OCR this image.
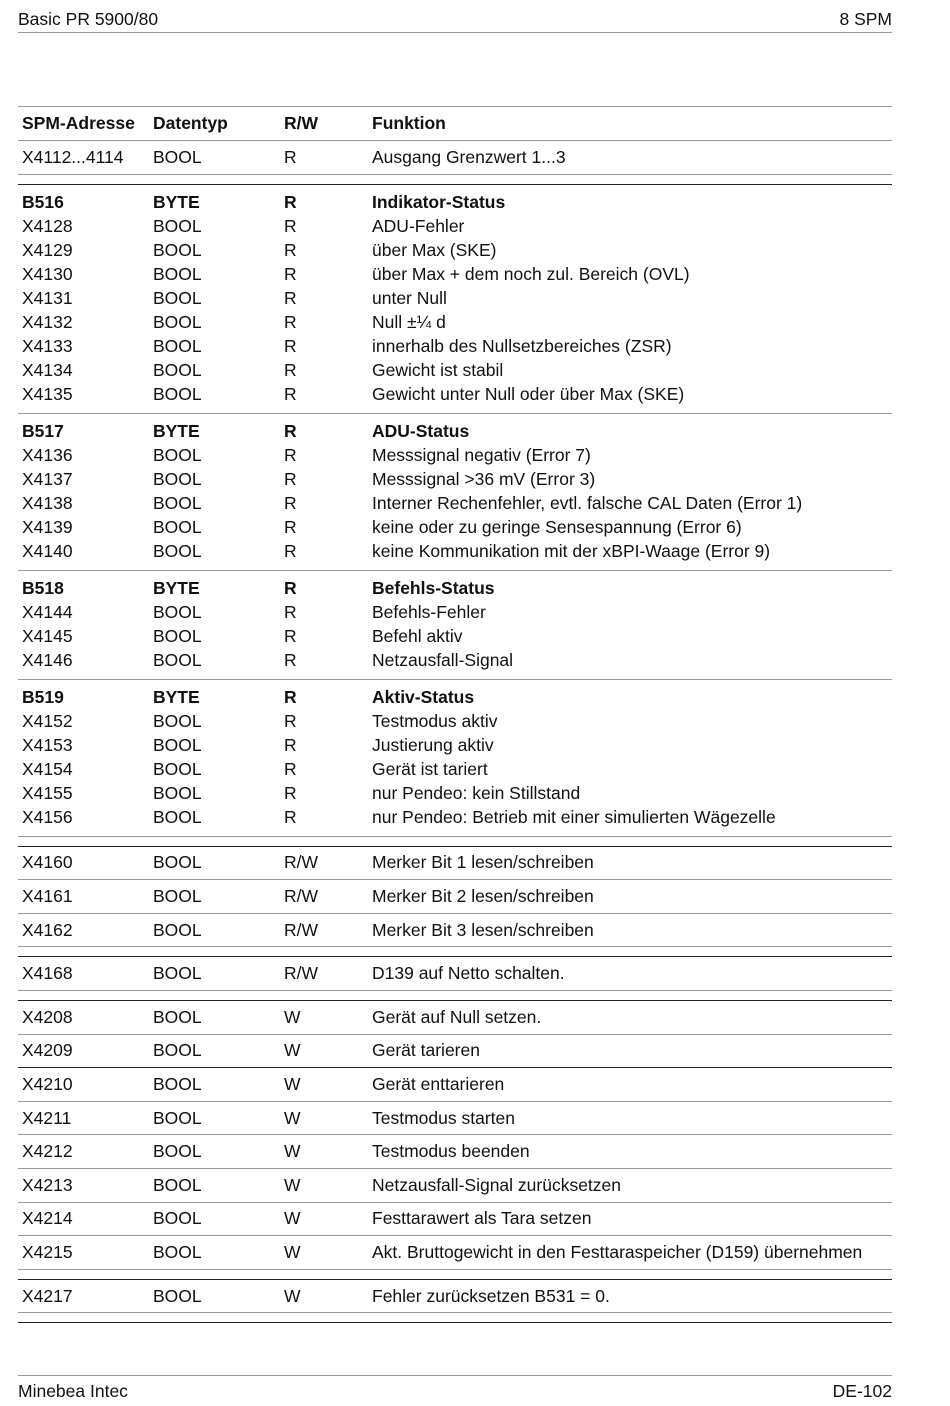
Basic PR 5900/80	8 SPM
SPM-Adresse	Datentyp	R/W	Funktion
X4112...4114	BOOL	R	Ausgang Grenzwert 1...3
B516	BYTE	R	Indikator-Status
X4128	BOOL	R	ADU-Fehler
X4129	BOOL	R	über Max (SKE)
X4130	BOOL	R	über Max + dem noch zul. Bereich (OVL)
X4131	BOOL	R	unter Null
X4132	BOOL	R	Null ±¼ d
X4133	BOOL	R	innerhalb des Nullsetzbereiches (ZSR)
X4134	BOOL	R	Gewicht ist stabil
X4135	BOOL	R	Gewicht unter Null oder über Max (SKE)
B517	BYTE	R	ADU-Status
X4136	BOOL	R	Messsignal negativ (Error 7)
X4137	BOOL	R	Messsignal >36 mV (Error 3)
X4138	BOOL	R	Interner Rechenfehler, evtl. falsche CAL Daten (Error 1)
X4139	BOOL	R	keine oder zu geringe Sensespannung (Error 6)
X4140	BOOL	R	keine Kommunikation mit der xBPI-Waage (Error 9)
B518	BYTE	R	Befehls-Status
X4144	BOOL	R	Befehls-Fehler
X4145	BOOL	R	Befehl aktiv
X4146	BOOL	R	Netzausfall-Signal
B519	BYTE	R	Aktiv-Status
X4152	BOOL	R	Testmodus aktiv
X4153	BOOL	R	Justierung aktiv
X4154	BOOL	R	Gerät ist tariert
X4155	BOOL	R	nur Pendeo: kein Stillstand
X4156	BOOL	R	nur Pendeo: Betrieb mit einer simulierten Wägezelle
X4160	BOOL	R/W	Merker Bit 1 lesen/schreiben
X4161	BOOL	R/W	Merker Bit 2 lesen/schreiben
X4162	BOOL	R/W	Merker Bit 3 lesen/schreiben
X4168	BOOL	R/W	D139 auf Netto schalten.
X4208	BOOL	W	Gerät auf Null setzen.
X4209	BOOL	W	Gerät tarieren
X4210	BOOL	W	Gerät enttarieren
X4211	BOOL	W	Testmodus starten
X4212	BOOL	W	Testmodus beenden
X4213	BOOL	W	Netzausfall-Signal zurücksetzen
X4214	BOOL	W	Festtarawert als Tara setzen
X4215	BOOL	W	Akt. Bruttogewicht in den Festtaraspeicher (D159) übernehmen
X4217	BOOL	W	Fehler zurücksetzen B531 = 0.
Minebea Intec	DE-102
